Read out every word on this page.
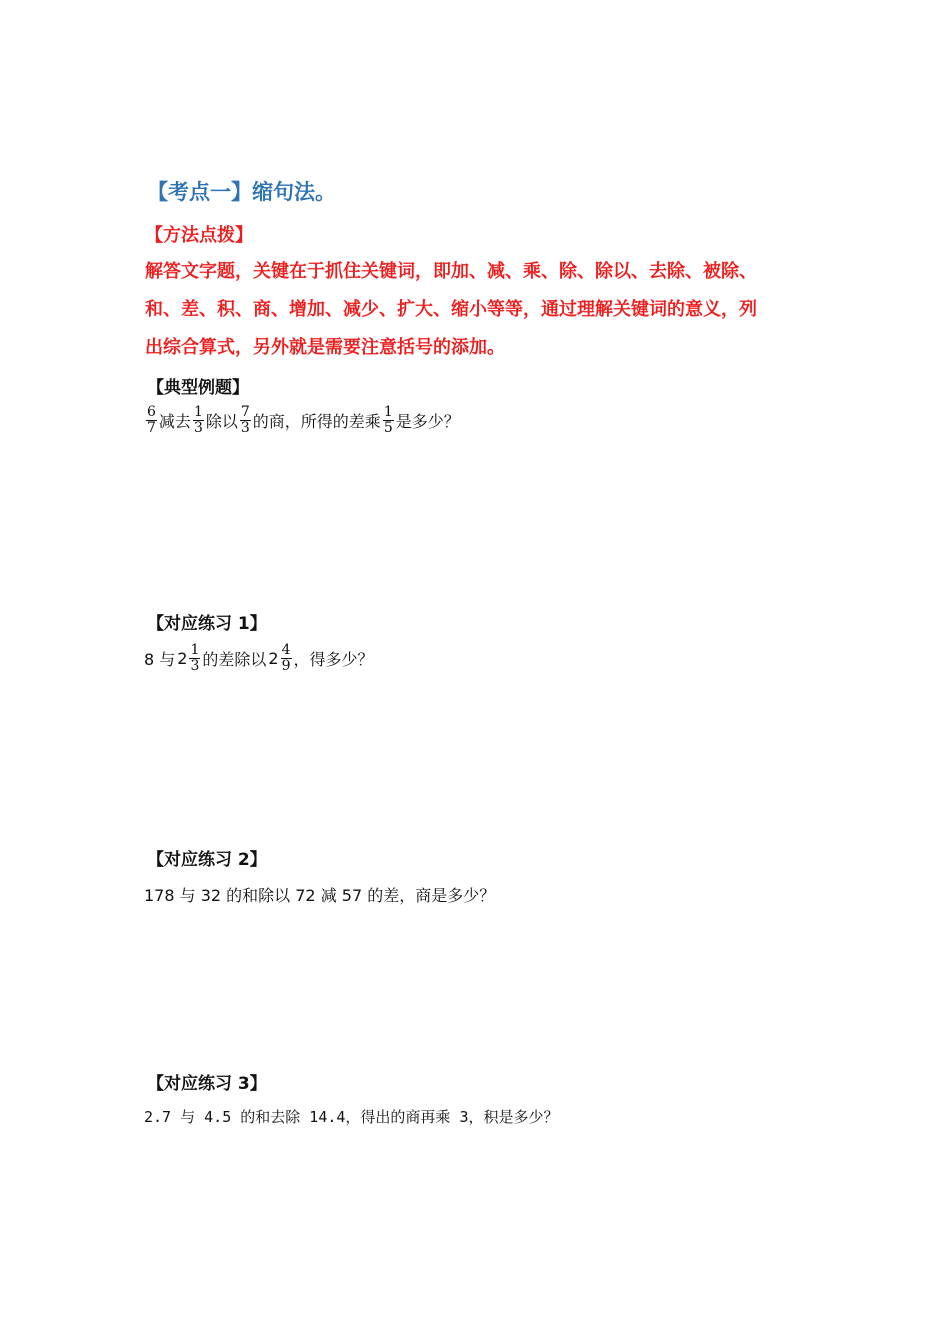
【考点一】缩句法。
【方法点拨】
解答文字题，关键在于抓住关键词，即加、减、乘、除、除以、去除、被除、
和、差、积、商、增加、减少、扩大、缩小等等，通过理解关键词的意义，列
出综合算式，另外就是需要注意括号的添加。
【典型例题】
$\frac{6}{7}$ 减去 $\frac{1}{3}$ 除以 $\frac{7}{3}$ 的商，所得的差乘 $\frac{1}{5}$ 是多少？
【对应练习 1】
8 与 $2 \frac{1}{3}$ 的差除以 $2 \frac{4}{9}$ ，得多少？
【对应练习 2】
178 与 32 的和除以 72 减 57 的差，商是多少？
【对应练习 3】
2.7 与 4.5 的和去除 14.4，得出的商再乘 3，积是多少？
